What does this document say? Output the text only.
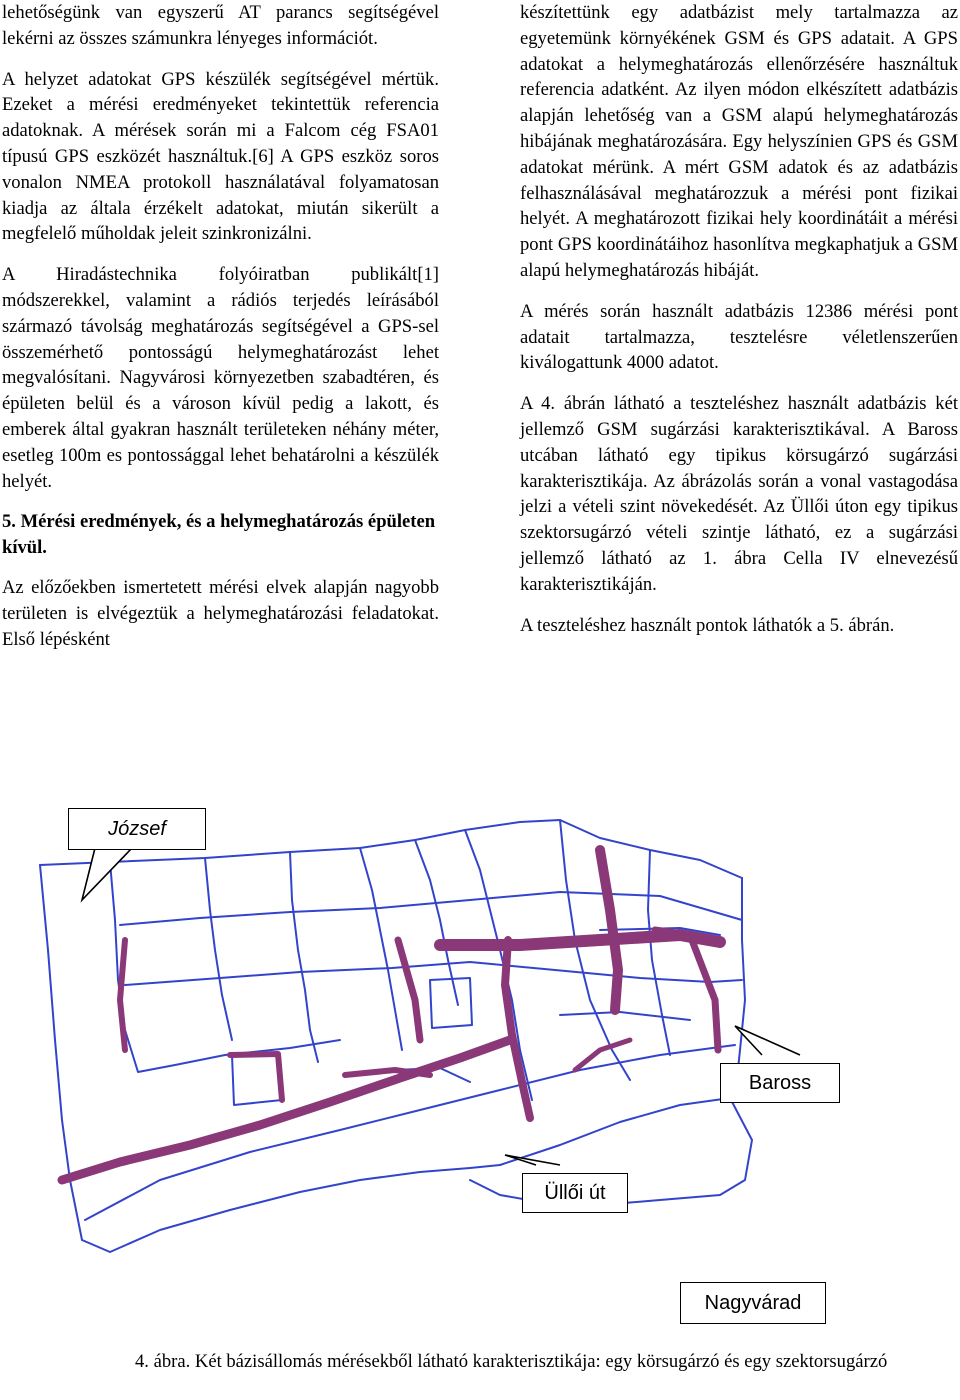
lehetőségünk van egyszerű AT parancs segítségével lekérni az összes számunkra lényeges információt.

A helyzet adatokat GPS készülék segítségével mértük. Ezeket a mérési eredményeket tekintettük referencia adatoknak. A mérések során mi a Falcom cég FSA01 típusú GPS eszközét használtuk.[6] A GPS eszköz soros vonalon NMEA protokoll használatával folyamatosan kiadja az általa érzékelt adatokat, miután sikerült a megfelelő műholdak jeleit szinkronizálni.

A Hiradástechnika folyóiratban publikált[1] módszerekkel, valamint a rádiós terjedés leírásából származó távolság meghatározás segítségével a GPS-sel összemérhető pontosságú helymeghatározást lehet megvalósítani. Nagyvárosi környezetben szabadtéren, és épületen belül és a városon kívül pedig a lakott, és emberek által gyakran használt területeken néhány méter, esetleg 100m es pontossággal lehet behatárolni a készülék helyét.

5. Mérési eredmények, és a helymeghatározás épületen kívül.

Az előzőekben ismertetett mérési elvek alapján nagyobb területen is elvégeztük a helymeghatározási feladatokat. Első lépésként

készítettünk egy adatbázist mely tartalmazza az egyetemünk környékének GSM és GPS adatait. A GPS adatokat a helymeghatározás ellenőrzésére használtuk referencia adatként. Az ilyen módon elkészített adatbázis alapján lehetőség van a GSM alapú helymeghatározás hibájának meghatározására. Egy helyszínien GPS és GSM adatokat mérünk. A mért GSM adatok és az adatbázis felhasználásával meghatározzuk a mérési pont fizikai helyét. A meghatározott fizikai hely koordinátáit a mérési pont GPS koordinátáihoz hasonlítva megkaphatjuk a GSM alapú helymeghatározás hibáját.

A mérés során használt adatbázis 12386 mérési pont adatait tartalmazza, tesztelésre véletlenszerűen kiválogattunk 4000 adatot.

A 4. ábrán látható a teszteléshez használt adatbázis két jellemző GSM sugárzási karakterisztikával. A Baross utcában látható egy tipikus körsugárzó sugárzási karakterisztikája. Az ábrázolás során a vonal vastagodása jelzi a vételi szint növekedését. Az Üllői úton egy tipikus szektorsugárzó vételi szintje látható, ez a sugárzási jellemző látható az 1. ábra Cella IV elnevezésű karakterisztikáján.

A teszteléshez használt pontok láthatók a 5. ábrán.

József
Baross
Üllői út
Nagyvárad
4. ábra. Két bázisállomás mérésekből látható karakterisztikája: egy körsugárzó és egy szektorsugárzó
